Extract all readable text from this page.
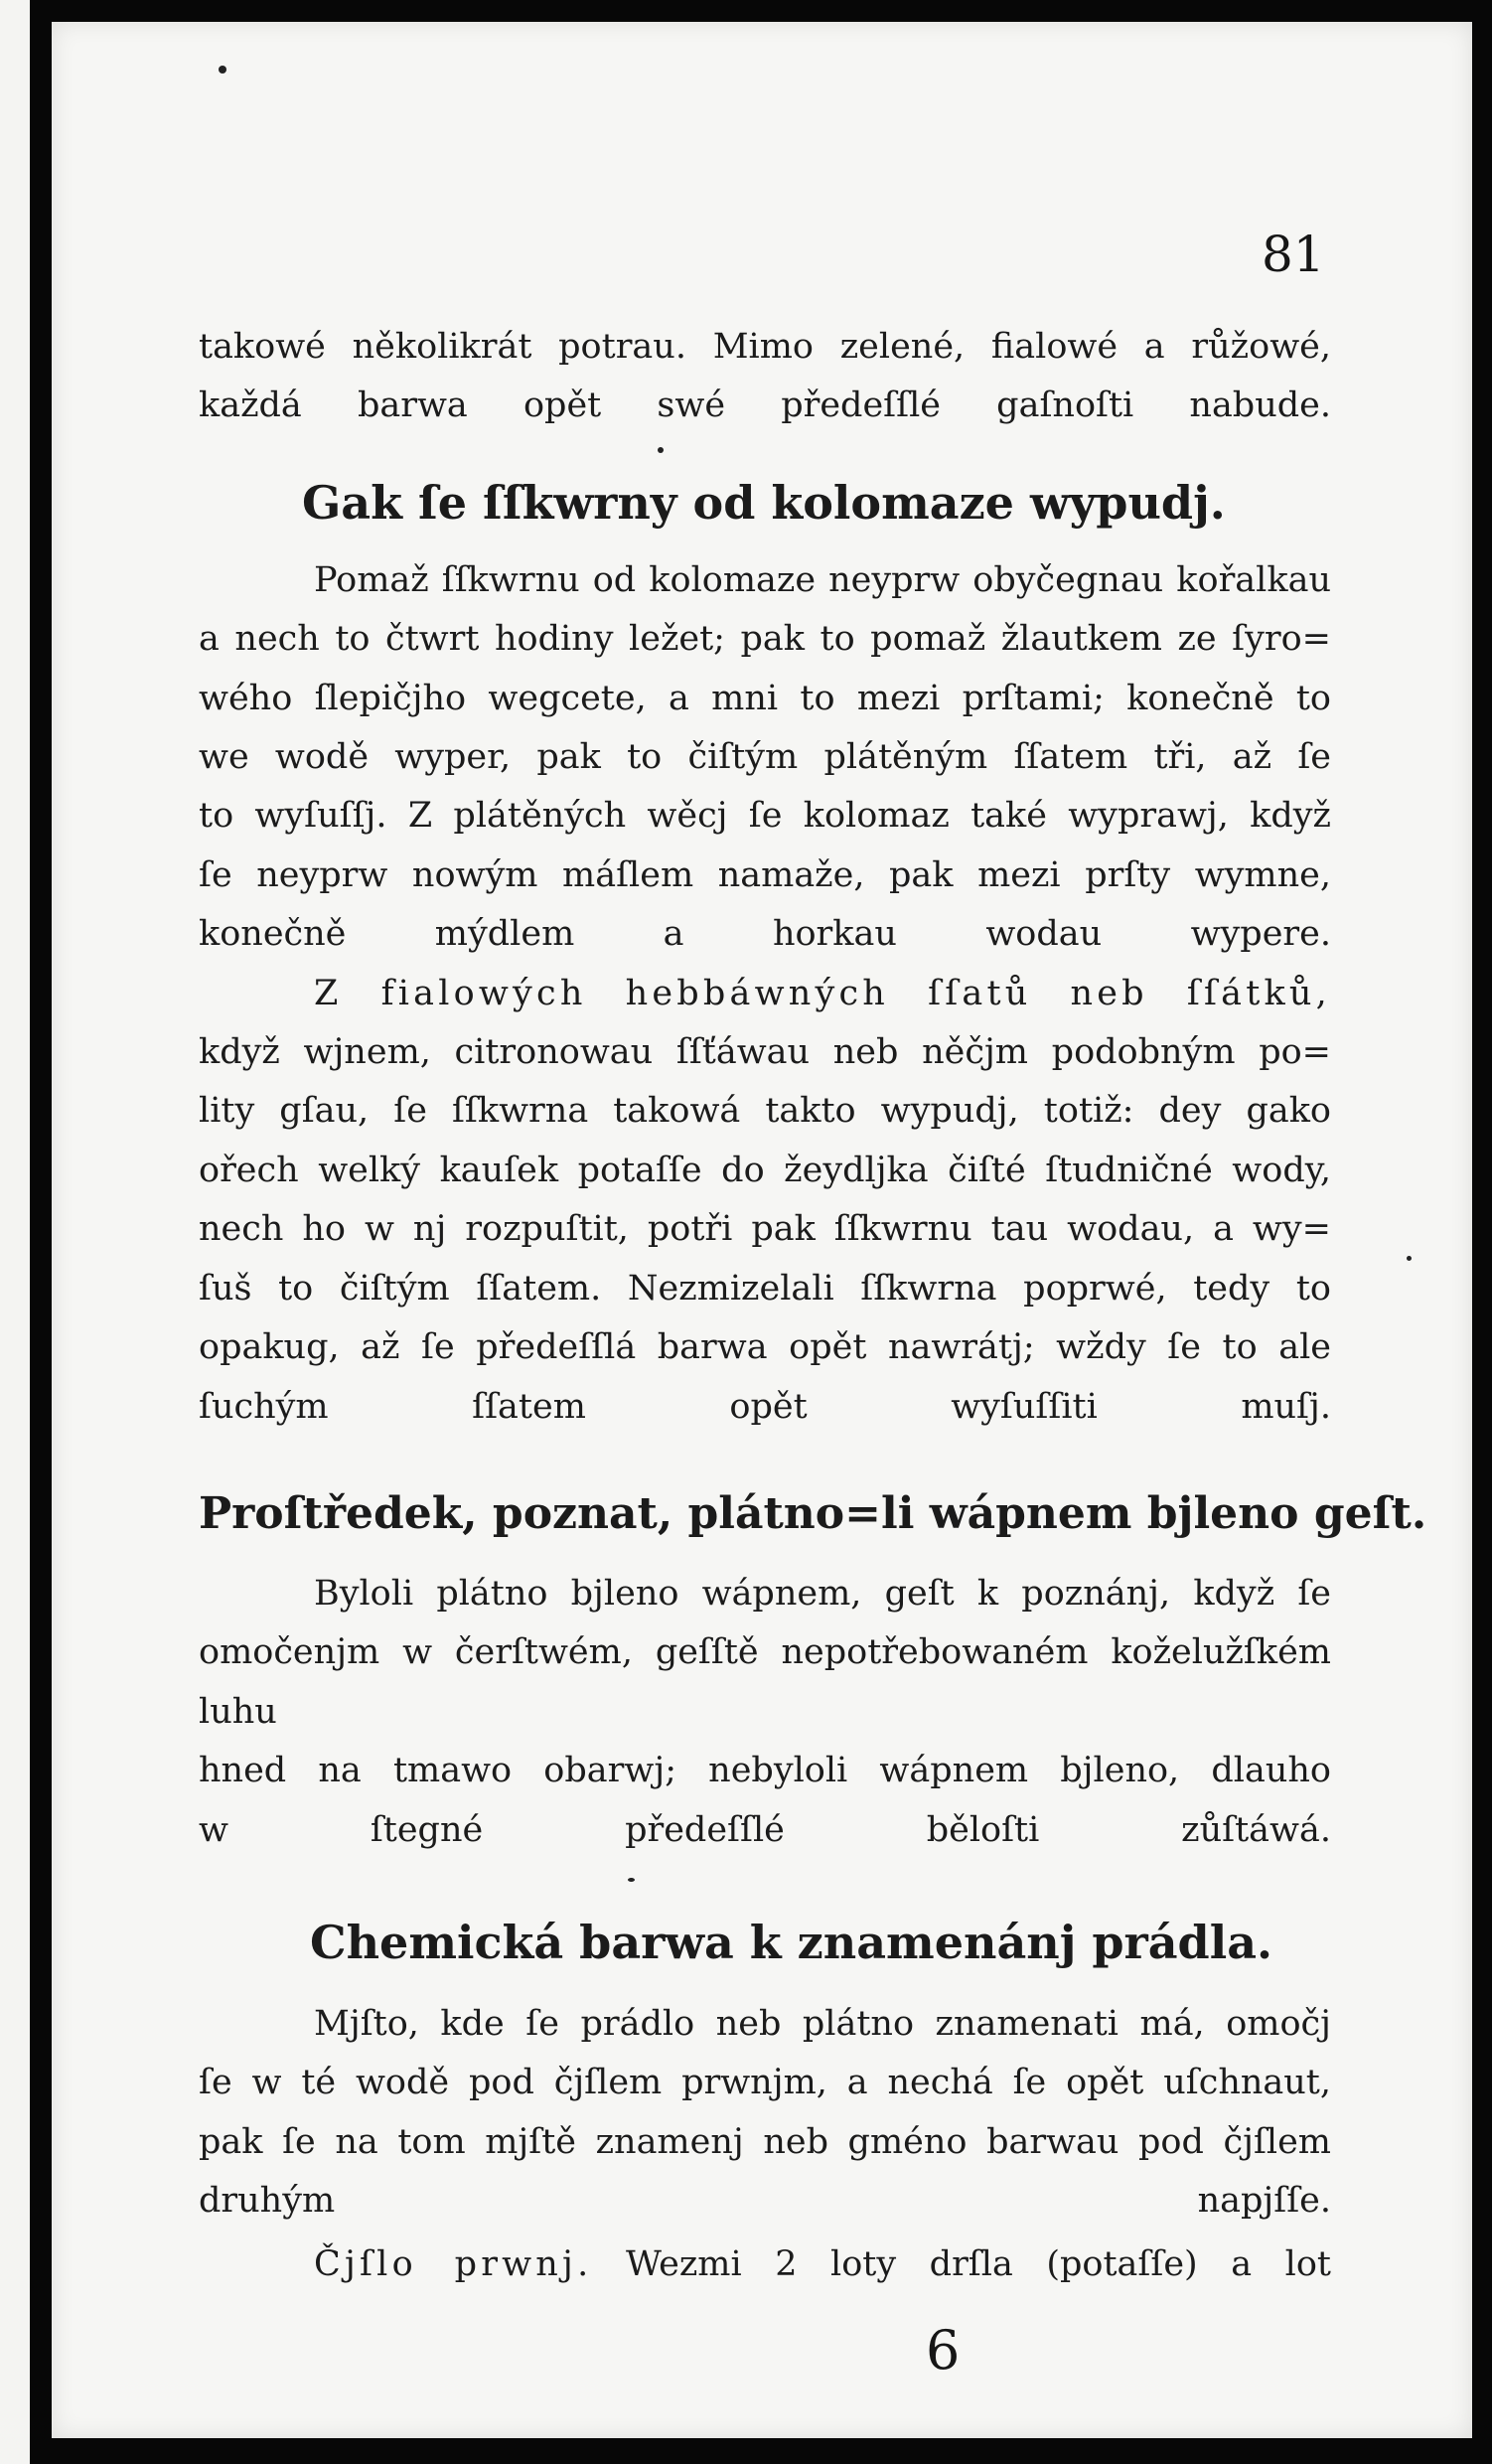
81

takowé několikrát potrau. Mimo zelené, fialowé a růžowé,
každá barwa opět swé předeſſlé gaſnoſti nabude.

Gak ſe ſſkwrny od kolomaze wypudj.

Pomaž ſſkwrnu od kolomaze neyprw obyčegnau kořalkau
a nech to čtwrt hodiny ležet; pak to pomaž žlautkem ze ſyro=
wého ſlepičjho wegcete, a mni to mezi prſtami; konečně to
we wodě wyper, pak to čiſtým plátěným ſſatem tři, až ſe
to wyſuſſj. Z plátěných wěcj ſe kolomaz také wyprawj, když
ſe neyprw nowým máſlem namaže, pak mezi prſty wymne,
konečně mýdlem a horkau wodau wypere.

Z fialowých hebbáwných ſſatů neb ſſátků,
když wjnem, citronowau ſſťáwau neb něčjm podobným po=
lity gſau, ſe ſſkwrna takowá takto wypudj, totiž: dey gako
ořech welký kauſek potaſſe do žeydljka čiſté ſtudničné wody,
nech ho w nj rozpuſtit, potři pak ſſkwrnu tau wodau, a wy=
ſuš to čiſtým ſſatem. Nezmizelali ſſkwrna poprwé, tedy to
opakug, až ſe předeſſlá barwa opět nawrátj; wždy ſe to ale
ſuchým ſſatem opět wyſuſſiti muſj.

Proſtředek, poznat, plátno=li wápnem bjleno geſt.

Byloli plátno bjleno wápnem, geſt k poznánj, když ſe
omočenjm w čerſtwém, geſſtě nepotřebowaném koželužſkém luhu
hned na tmawo obarwj; nebyloli wápnem bjleno, dlauho
w ſtegné předeſſlé běloſti zůſtáwá.

Chemická barwa k znamenánj prádla.

Mjſto, kde ſe prádlo neb plátno znamenati má, omočj
ſe w té wodě pod čjſlem prwnjm, a nechá ſe opět uſchnaut,
pak ſe na tom mjſtě znamenj neb gméno barwau pod čjſlem
druhým napjſſe.

Čjſlo prwnj. Wezmi 2 loty drſla (potaſſe) a lot

6
